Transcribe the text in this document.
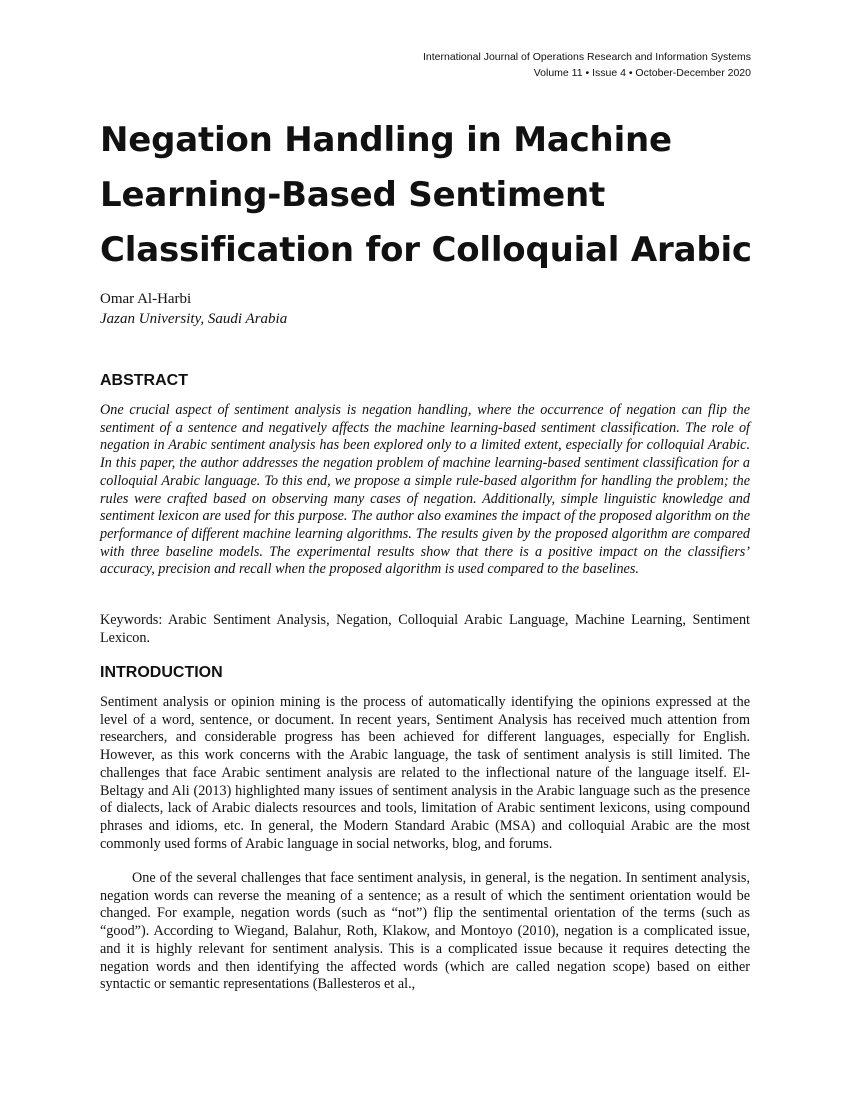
International Journal of Operations Research and Information Systems
Volume 11 • Issue 4 • October-December 2020
Negation Handling in Machine Learning-Based Sentiment Classification for Colloquial Arabic
Omar Al-Harbi
Jazan University, Saudi Arabia
ABSTRACT

One crucial aspect of sentiment analysis is negation handling, where the occurrence of negation can flip the sentiment of a sentence and negatively affects the machine learning-based sentiment classification. The role of negation in Arabic sentiment analysis has been explored only to a limited extent, especially for colloquial Arabic. In this paper, the author addresses the negation problem of machine learning-based sentiment classification for a colloquial Arabic language. To this end, we propose a simple rule-based algorithm for handling the problem; the rules were crafted based on observing many cases of negation. Additionally, simple linguistic knowledge and sentiment lexicon are used for this purpose. The author also examines the impact of the proposed algorithm on the performance of different machine learning algorithms. The results given by the proposed algorithm are compared with three baseline models. The experimental results show that there is a positive impact on the classifiers’ accuracy, precision and recall when the proposed algorithm is used compared to the baselines.

Keywords: Arabic Sentiment Analysis, Negation, Colloquial Arabic Language, Machine Learning, Sentiment Lexicon.

INTRODUCTION

Sentiment analysis or opinion mining is the process of automatically identifying the opinions expressed at the level of a word, sentence, or document. In recent years, Sentiment Analysis has received much attention from researchers, and considerable progress has been achieved for different languages, especially for English. However, as this work concerns with the Arabic language, the task of sentiment analysis is still limited. The challenges that face Arabic sentiment analysis are related to the inflectional nature of the language itself. El-Beltagy and Ali (2013) highlighted many issues of sentiment analysis in the Arabic language such as the presence of dialects, lack of Arabic dialects resources and tools, limitation of Arabic sentiment lexicons, using compound phrases and idioms, etc. In general, the Modern Standard Arabic (MSA) and colloquial Arabic are the most commonly used forms of Arabic language in social networks, blog, and forums.

One of the several challenges that face sentiment analysis, in general, is the negation. In sentiment analysis, negation words can reverse the meaning of a sentence; as a result of which the sentiment orientation would be changed. For example, negation words (such as “not”) flip the sentimental orientation of the terms (such as “good”). According to Wiegand, Balahur, Roth, Klakow, and Montoyo (2010), negation is a complicated issue, and it is highly relevant for sentiment analysis. This is a complicated issue because it requires detecting the negation words and then identifying the affected words (which are called negation scope) based on either syntactic or semantic representations (Ballesteros et al.,
